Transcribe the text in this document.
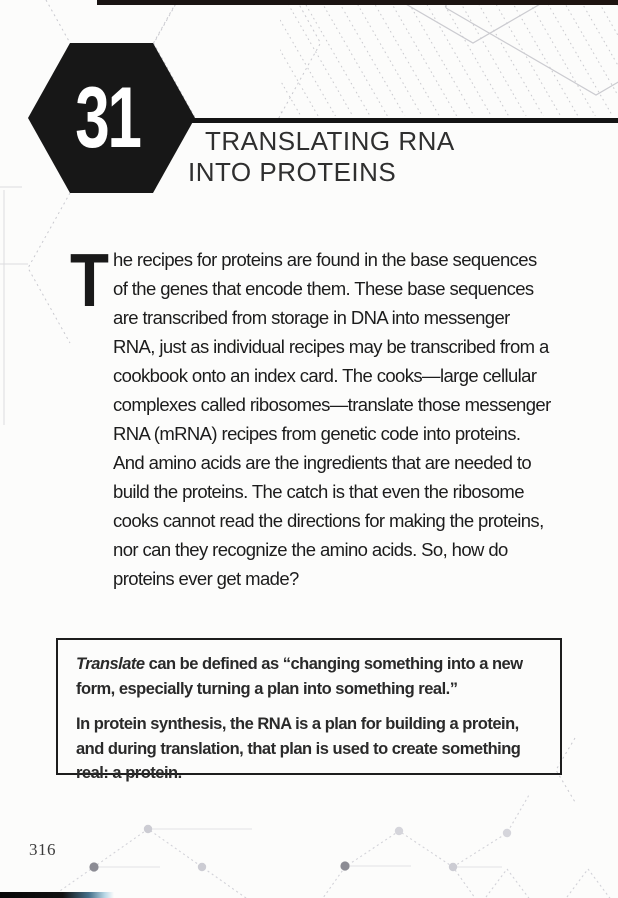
31	TRANSLATING RNA
INTO PROTEINS
T he recipes for proteins are found in the base sequences of the genes that encode them. These base sequences are transcribed from storage in DNA into messenger RNA, just as individual recipes may be transcribed from a cookbook onto an index card. The cooks—large cellular complexes called ribosomes—translate those messenger RNA (mRNA) recipes from genetic code into proteins. And amino acids are the ingredients that are needed to build the proteins. The catch is that even the ribosome cooks cannot read the directions for making the proteins, nor can they recognize the amino acids. So, how do proteins ever get made?

Translate can be defined as “changing something into a new form, especially turning a plan into something real.”

In protein synthesis, the RNA is a plan for building a protein, and during translation, that plan is used to create something real: a protein.

316
